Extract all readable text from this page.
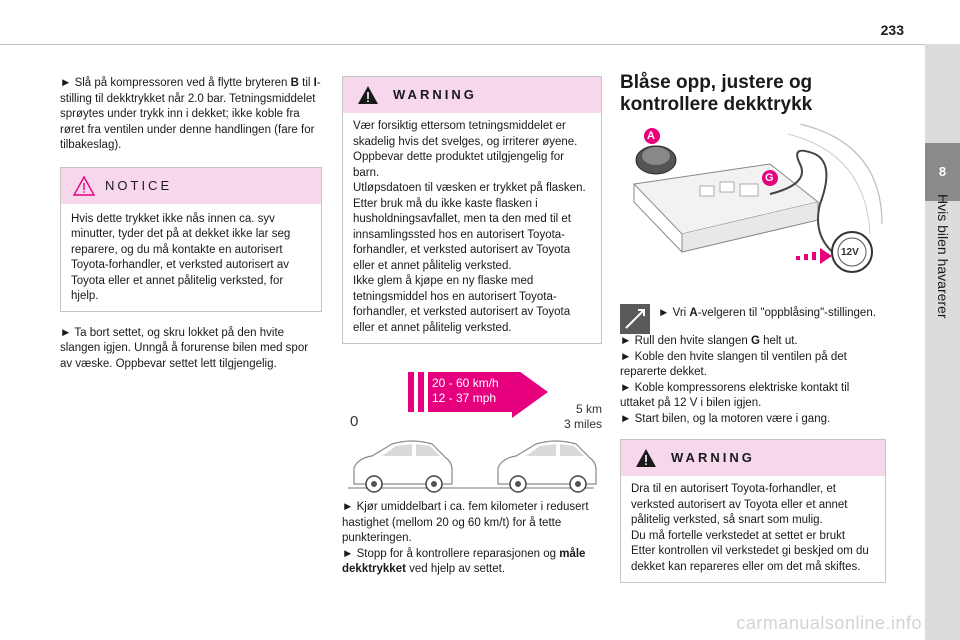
233
8
Hvis bilen havarerer

► Slå på kompressoren ved å flytte bryteren B til I-stilling til dekktrykket når 2.0 bar. Tetningsmiddelet sprøytes under trykk inn i dekket; ikke koble fra røret fra ventilen under denne handlingen (fare for tilbakeslag).

NOTICE
Hvis dette trykket ikke nås innen ca. syv minutter, tyder det på at dekket ikke lar seg reparere, og du må kontakte en autorisert Toyota-forhandler, et verksted autorisert av Toyota eller et annet pålitelig verksted, for hjelp.

► Ta bort settet, og skru lokket på den hvite slangen igjen. Unngå å forurense bilen med spor av væske. Oppbevar settet lett tilgjengelig.

WARNING

Vær forsiktig ettersom tetningsmiddelet er skadelig hvis det svelges, og irriterer øyene. Oppbevar dette produktet utilgjengelig for barn.

Utløpsdatoen til væsken er trykket på flasken. Etter bruk må du ikke kaste flasken i husholdningsavfallet, men ta den med til et innsamlingssted hos en autorisert Toyota-forhandler, et verksted autorisert av Toyota eller et annet pålitelig verksted.

Ikke glem å kjøpe en ny flaske med tetningsmiddel hos en autorisert Toyota-forhandler, et verksted autorisert av Toyota eller et annet pålitelig verksted.

20 - 60 km/h
12 - 37 mph
5 km
3 miles
0

► Kjør umiddelbart i ca. fem kilometer i redusert hastighet (mellom 20 og 60 km/t) for å tette punkteringen.

► Stopp for å kontrollere reparasjonen og måle dekktrykket ved hjelp av settet.

Blåse opp, justere og kontrollere dekktrykk
A
G
12V

► Vri A-velgeren til "oppblåsing"-stillingen.

► Rull den hvite slangen G helt ut.

► Koble den hvite slangen til ventilen på det reparerte dekket.

► Koble kompressorens elektriske kontakt til uttaket på 12 V i bilen igjen.

► Start bilen, og la motoren være i gang.

WARNING

Dra til en autorisert Toyota-forhandler, et verksted autorisert av Toyota eller et annet pålitelig verksted, så snart som mulig.

Du må fortelle verkstedet at settet er brukt

Etter kontrollen vil verkstedet gi beskjed om du dekket kan repareres eller om det må skiftes.

carmanualsonline.info
